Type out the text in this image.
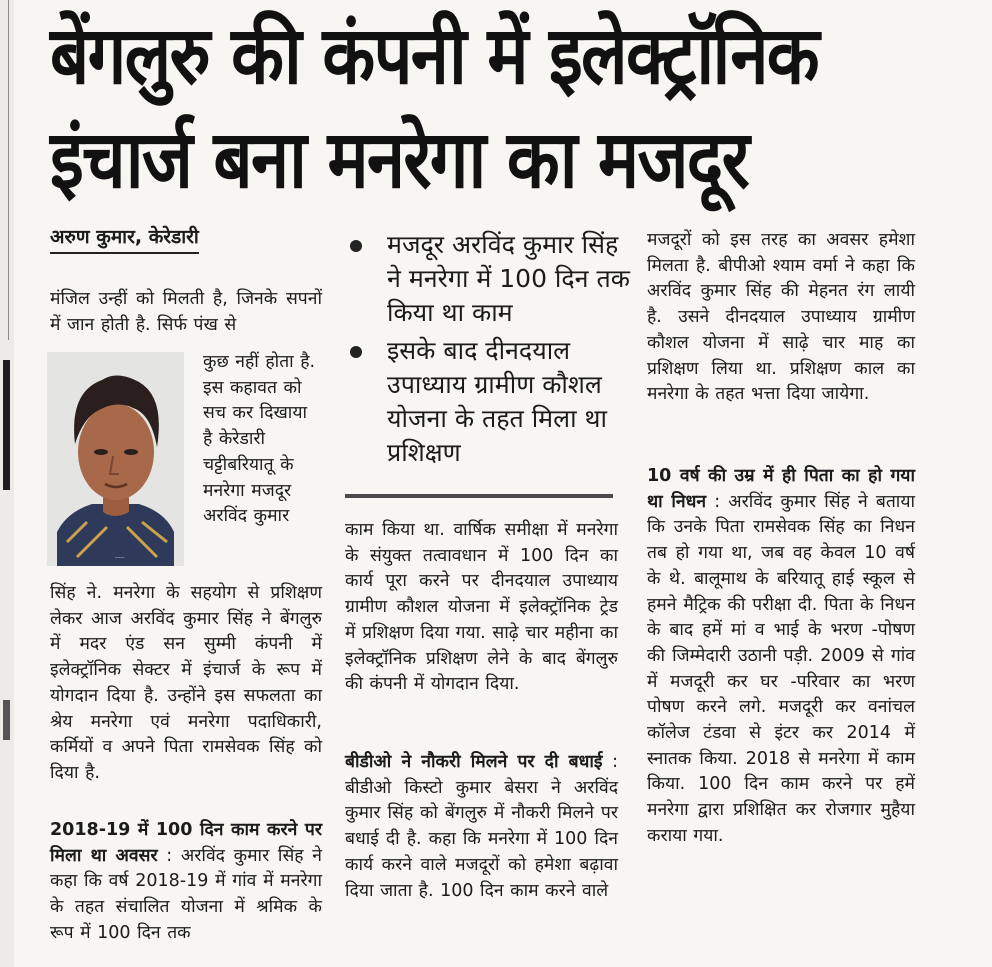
बेंगलुरु की कंपनी में इलेक्ट्रॉनिक
इंचार्ज बना मनरेगा का मजदूर
अरुण कुमार, केरेडारी
मंजिल उन्हीं को मिलती है, जिनके सपनों में जान होती है. सिर्फ पंख से
मजदूर अरविंद कुमार सिंह
कुछ नहीं होता है. इस कहावत को सच कर दिखाया है केरेडारी चट्टीबरियातू के मनरेगा मजदूर अरविंद कुमार
सिंह ने. मनरेगा के सहयोग से प्रशिक्षण लेकर आज अरविंद कुमार सिंह ने बेंगलुरु में मदर एंड सन सुम्मी कंपनी में इलेक्ट्रॉनिक सेक्टर में इंचार्ज के रूप में योगदान दिया है. उन्होंने इस सफलता का श्रेय मनरेगा एवं मनरेगा पदाधिकारी, कर्मियों व अपने पिता रामसेवक सिंह को दिया है.
2018-19 में 100 दिन काम करने पर मिला था अवसर : अरविंद कुमार सिंह ने कहा कि वर्ष 2018-19 में गांव में मनरेगा के तहत संचालित योजना में श्रमिक के रूप में 100 दिन तक
मजदूर अरविंद कुमार सिंह ने मनरेगा में 100 दिन तक किया था काम
इसके बाद दीनदयाल उपाध्याय ग्रामीण कौशल योजना के तहत मिला था प्रशिक्षण
काम किया था. वार्षिक समीक्षा में मनरेगा के संयुक्त तत्वावधान में 100 दिन का कार्य पूरा करने पर दीनदयाल उपाध्याय ग्रामीण कौशल योजना में इलेक्ट्रॉनिक ट्रेड में प्रशिक्षण दिया गया. साढ़े चार महीना का इलेक्ट्रॉनिक प्रशिक्षण लेने के बाद बेंगलुरु की कंपनी में योगदान दिया.
बीडीओ ने नौकरी मिलने पर दी बधाई : बीडीओ किस्टो कुमार बेसरा ने अरविंद कुमार सिंह को बेंगलुरु में नौकरी मिलने पर बधाई दी है. कहा कि मनरेगा में 100 दिन कार्य करने वाले मजदूरों को हमेशा बढ़ावा दिया जाता है. 100 दिन काम करने वाले
मजदूरों को इस तरह का अवसर हमेशा मिलता है. बीपीओ श्याम वर्मा ने कहा कि अरविंद कुमार सिंह की मेहनत रंग लायी है. उसने दीनदयाल उपाध्याय ग्रामीण कौशल योजना में साढ़े चार माह का प्रशिक्षण लिया था. प्रशिक्षण काल का मनरेगा के तहत भत्ता दिया जायेगा.
10 वर्ष की उम्र में ही पिता का हो गया था निधन : अरविंद कुमार सिंह ने बताया कि उनके पिता रामसेवक सिंह का निधन तब हो गया था, जब वह केवल 10 वर्ष के थे. बालूमाथ के बरियातू हाई स्कूल से हमने मैट्रिक की परीक्षा दी. पिता के निधन के बाद हमें मां व भाई के भरण -पोषण की जिम्मेदारी उठानी पड़ी. 2009 से गांव में मजदूरी कर घर -परिवार का भरण पोषण करने लगे. मजदूरी कर वनांचल कॉलेज टंडवा से इंटर कर 2014 में स्नातक किया. 2018 से मनरेगा में काम किया. 100 दिन काम करने पर हमें मनरेगा द्वारा प्रशिक्षित कर रोजगार मुहैया कराया गया.
